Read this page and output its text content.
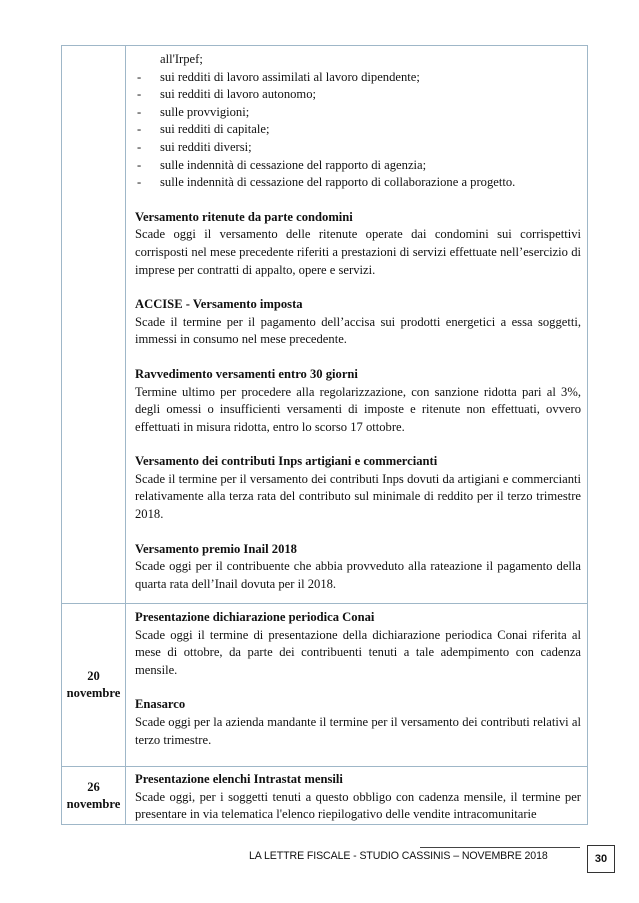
all'Irpef;
- sui redditi di lavoro assimilati al lavoro dipendente;
- sui redditi di lavoro autonomo;
- sulle provvigioni;
- sui redditi di capitale;
- sui redditi diversi;
- sulle indennità di cessazione del rapporto di agenzia;
- sulle indennità di cessazione del rapporto di collaborazione a progetto.

Versamento ritenute da parte condomini

Scade oggi il versamento delle ritenute operate dai condomini sui corrispettivi corrisposti nel mese precedente riferiti a prestazioni di servizi effettuate nell’esercizio di imprese per contratti di appalto, opere e servizi.

ACCISE - Versamento imposta

Scade il termine per il pagamento dell’accisa sui prodotti energetici a essa soggetti, immessi in consumo nel mese precedente.

Ravvedimento versamenti entro 30 giorni

Termine ultimo per procedere alla regolarizzazione, con sanzione ridotta pari al 3%, degli omessi o insufficienti versamenti di imposte e ritenute non effettuati, ovvero effettuati in misura ridotta, entro lo scorso 17 ottobre.

Versamento dei contributi Inps artigiani e commercianti

Scade il termine per il versamento dei contributi Inps dovuti da artigiani e commercianti relativamente alla terza rata del contributo sul minimale di reddito per il terzo trimestre 2018.

Versamento premio Inail 2018

Scade oggi per il contribuente che abbia provveduto alla rateazione il pagamento della quarta rata dell’Inail dovuta per il 2018.

20
novembre

Presentazione dichiarazione periodica Conai

Scade oggi il termine di presentazione della dichiarazione periodica Conai riferita al mese di ottobre, da parte dei contribuenti tenuti a tale adempimento con cadenza mensile.

Enasarco

Scade oggi per la azienda mandante il termine per il versamento dei contributi relativi al terzo trimestre.

26
novembre

Presentazione elenchi Intrastat mensili

Scade oggi, per i soggetti tenuti a questo obbligo con cadenza mensile, il termine per presentare in via telematica l'elenco riepilogativo delle vendite intracomunitarie

LA LETTRE FISCALE - STUDIO CASSINIS – NOVEMBRE 2018	30
